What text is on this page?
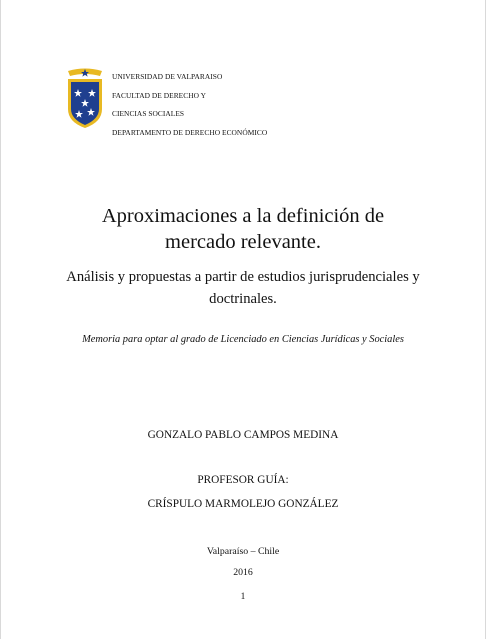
UNIVERSIDAD DE VALPARAISO
FACULTAD DE DERECHO Y
CIENCIAS SOCIALES
DEPARTAMENTO DE DERECHO ECONÓMICO
Aproximaciones a la definición de
mercado relevante.
Análisis y propuestas a partir de estudios jurisprudenciales y
doctrinales.
Memoria para optar al grado de Licenciado en Ciencias Jurídicas y Sociales
GONZALO PABLO CAMPOS MEDINA
PROFESOR GUÍA:
CRÍSPULO MARMOLEJO GONZÁLEZ
Valparaíso – Chile
2016
1
